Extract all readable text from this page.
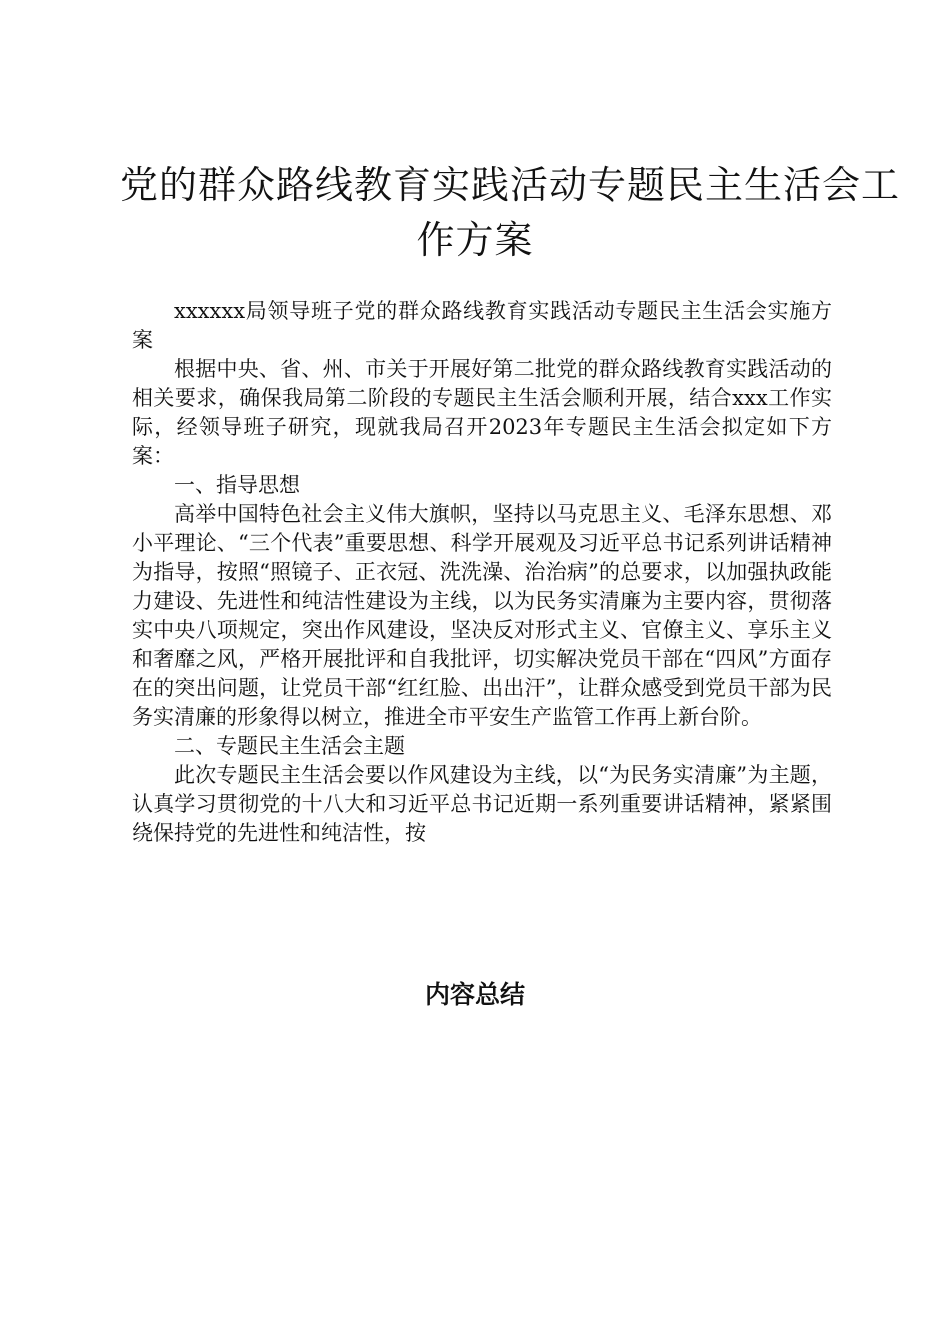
党的群众路线教育实践活动专题民主生活会工
作方案

xxxxxx局领导班子党的群众路线教育实践活动专题民主生活会实施方案

根据中央、省、州、市关于开展好第二批党的群众路线教育实践活动的相关要求，确保我局第二阶段的专题民主生活会顺利开展，结合xxx工作实际，经领导班子研究，现就我局召开2023年专题民主生活会拟定如下方案：

一、指导思想

高举中国特色社会主义伟大旗帜，坚持以马克思主义、毛泽东思想、邓小平理论、“三个代表”重要思想、科学开展观及习近平总书记系列讲话精神为指导，按照“照镜子、正衣冠、洗洗澡、治治病”的总要求，以加强执政能力建设、先进性和纯洁性建设为主线，以为民务实清廉为主要内容，贯彻落实中央八项规定，突出作风建设，坚决反对形式主义、官僚主义、享乐主义和奢靡之风，严格开展批评和自我批评，切实解决党员干部在“四风”方面存在的突出问题，让党员干部“红红脸、出出汗”，让群众感受到党员干部为民务实清廉的形象得以树立，推进全市平安生产监管工作再上新台阶。

二、专题民主生活会主题

此次专题民主生活会要以作风建设为主线，以“为民务实清廉”为主题，认真学习贯彻党的十八大和习近平总书记近期一系列重要讲话精神，紧紧围绕保持党的先进性和纯洁性，按

内容总结
